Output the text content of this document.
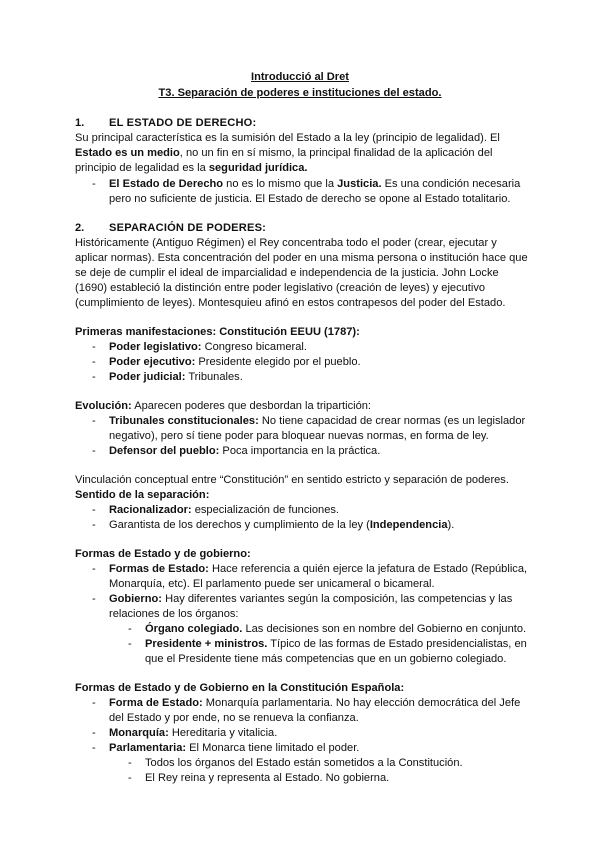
Introducció al Dret
T3. Separación de poderes e instituciones del estado.
1. EL ESTADO DE DERECHO:
Su principal característica es la sumisión del Estado a la ley (principio de legalidad). El
Estado es un medio, no un fin en sí mismo, la principal finalidad de la aplicación del
principio de legalidad es la seguridad jurídica.
- El Estado de Derecho no es lo mismo que la Justicia. Es una condición necesaria
pero no suficiente de justicia. El Estado de derecho se opone al Estado totalitario.
2. SEPARACIÓN DE PODERES:
Históricamente (Antiguo Régimen) el Rey concentraba todo el poder (crear, ejecutar y
aplicar normas). Esta concentración del poder en una misma persona o institución hace que
se deje de cumplir el ideal de imparcialidad e independencia de la justicia. John Locke
(1690) estableció la distinción entre poder legislativo (creación de leyes) y ejecutivo
(cumplimiento de leyes). Montesquieu afinó en estos contrapesos del poder del Estado.
Primeras manifestaciones: Constitución EEUU (1787):
- Poder legislativo: Congreso bicameral.
- Poder ejecutivo: Presidente elegido por el pueblo.
- Poder judicial: Tribunales.
Evolución: Aparecen poderes que desbordan la tripartición:
- Tribunales constitucionales: No tiene capacidad de crear normas (es un legislador
negativo), pero sí tiene poder para bloquear nuevas normas, en forma de ley.
- Defensor del pueblo: Poca importancia en la práctica.
Vinculación conceptual entre “Constitución” en sentido estricto y separación de poderes.
Sentido de la separación:
- Racionalizador: especialización de funciones.
- Garantista de los derechos y cumplimiento de la ley (Independencia).
Formas de Estado y de gobierno:
- Formas de Estado: Hace referencia a quién ejerce la jefatura de Estado (República,
Monarquía, etc). El parlamento puede ser unicameral o bicameral.
- Gobierno: Hay diferentes variantes según la composición, las competencias y las
relaciones de los órganos:
- Órgano colegiado. Las decisiones son en nombre del Gobierno en conjunto.
- Presidente + ministros. Típico de las formas de Estado presidencialistas, en
que el Presidente tiene más competencias que en un gobierno colegiado.
Formas de Estado y de Gobierno en la Constitución Española:
- Forma de Estado: Monarquía parlamentaria. No hay elección democrática del Jefe
del Estado y por ende, no se renueva la confianza.
- Monarquía: Hereditaria y vitalicia.
- Parlamentaria: El Monarca tiene limitado el poder.
- Todos los órganos del Estado están sometidos a la Constitución.
- El Rey reina y representa al Estado. No gobierna.
